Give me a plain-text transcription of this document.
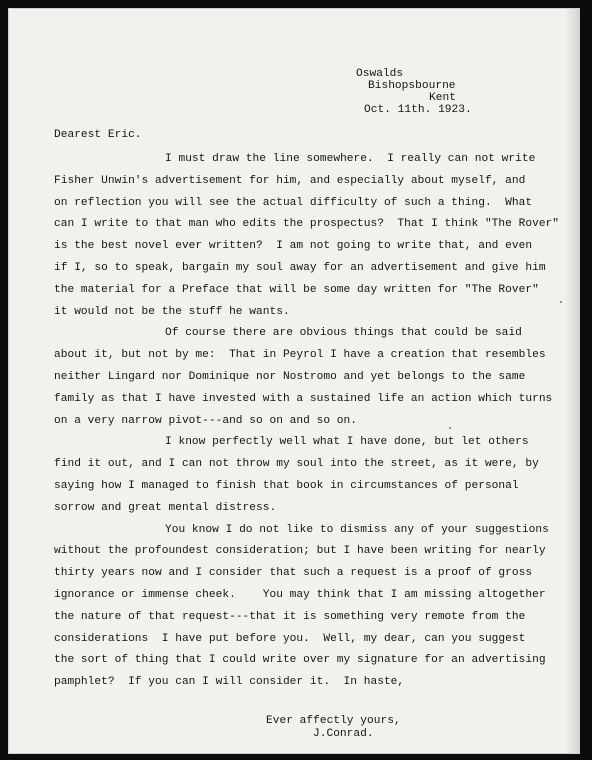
Oswalds
Bishopsbourne
Kent
Oct. 11th. 1923.
Dearest Eric.
I must draw the line somewhere.  I really can not write
Fisher Unwin's advertisement for him, and especially about myself, and
on reflection you will see the actual difficulty of such a thing.  What
can I write to that man who edits the prospectus?  That I think "The Rover"
is the best novel ever written?  I am not going to write that, and even
if I, so to speak, bargain my soul away for an advertisement and give him
the material for a Preface that will be some day written for "The Rover"
it would not be the stuff he wants.
Of course there are obvious things that could be said
about it, but not by me:  That in Peyrol I have a creation that resembles
neither Lingard nor Dominique nor Nostromo and yet belongs to the same
family as that I have invested with a sustained life an action which turns
on a very narrow pivot---and so on and so on.
I know perfectly well what I have done, but let others
find it out, and I can not throw my soul into the street, as it were, by
saying how I managed to finish that book in circumstances of personal
sorrow and great mental distress.
You know I do not like to dismiss any of your suggestions
without the profoundest consideration; but I have been writing for nearly
thirty years now and I consider that such a request is a proof of gross
ignorance or immense cheek.    You may think that I am missing altogether
the nature of that request---that it is something very remote from the
considerations  I have put before you.  Well, my dear, can you suggest
the sort of thing that I could write over my signature for an advertising
pamphlet?  If you can I will consider it.  In haste,
Ever affectly yours,
J.Conrad.
